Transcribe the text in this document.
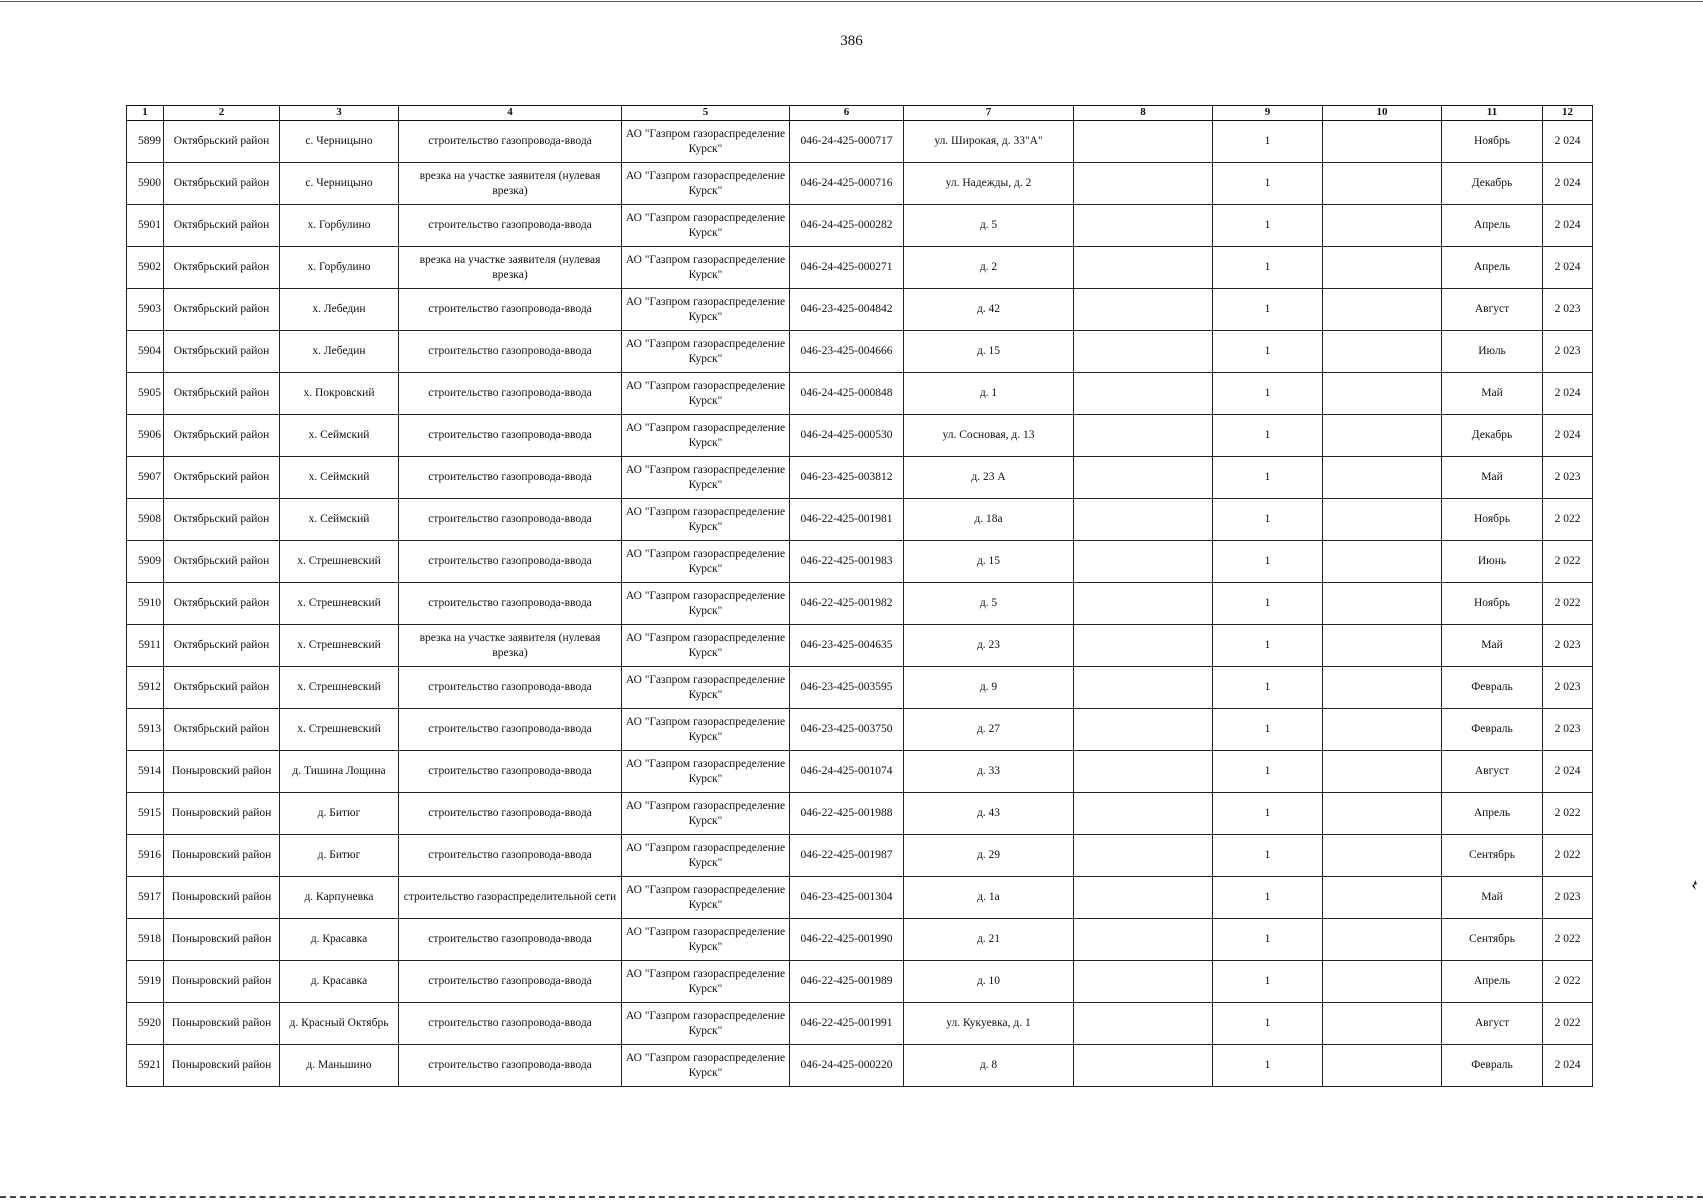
386
1	2	3	4	5	6	7	8	9	10	11	12
5899	Октябрьский район	с. Черницыно	строительство газопровода-ввода	АО "Газпром газораспределение Курск"	046-24-425-000717	ул. Широкая, д. 33"А"		1		Ноябрь	2 024
5900	Октябрьский район	с. Черницыно	врезка на участке заявителя (нулевая врезка)	АО "Газпром газораспределение Курск"	046-24-425-000716	ул. Надежды, д. 2		1		Декабрь	2 024
5901	Октябрьский район	х. Горбулино	строительство газопровода-ввода	АО "Газпром газораспределение Курск"	046-24-425-000282	д. 5		1		Апрель	2 024
5902	Октябрьский район	х. Горбулино	врезка на участке заявителя (нулевая врезка)	АО "Газпром газораспределение Курск"	046-24-425-000271	д. 2		1		Апрель	2 024
5903	Октябрьский район	х. Лебедин	строительство газопровода-ввода	АО "Газпром газораспределение Курск"	046-23-425-004842	д. 42		1		Август	2 023
5904	Октябрьский район	х. Лебедин	строительство газопровода-ввода	АО "Газпром газораспределение Курск"	046-23-425-004666	д. 15		1		Июль	2 023
5905	Октябрьский район	х. Покровский	строительство газопровода-ввода	АО "Газпром газораспределение Курск"	046-24-425-000848	д. 1		1		Май	2 024
5906	Октябрьский район	х. Сеймский	строительство газопровода-ввода	АО "Газпром газораспределение Курск"	046-24-425-000530	ул. Сосновая, д. 13		1		Декабрь	2 024
5907	Октябрьский район	х. Сеймский	строительство газопровода-ввода	АО "Газпром газораспределение Курск"	046-23-425-003812	д. 23 А		1		Май	2 023
5908	Октябрьский район	х. Сеймский	строительство газопровода-ввода	АО "Газпром газораспределение Курск"	046-22-425-001981	д. 18а		1		Ноябрь	2 022
5909	Октябрьский район	х. Стрешневский	строительство газопровода-ввода	АО "Газпром газораспределение Курск"	046-22-425-001983	д. 15		1		Июнь	2 022
5910	Октябрьский район	х. Стрешневский	строительство газопровода-ввода	АО "Газпром газораспределение Курск"	046-22-425-001982	д. 5		1		Ноябрь	2 022
5911	Октябрьский район	х. Стрешневский	врезка на участке заявителя (нулевая врезка)	АО "Газпром газораспределение Курск"	046-23-425-004635	д. 23		1		Май	2 023
5912	Октябрьский район	х. Стрешневский	строительство газопровода-ввода	АО "Газпром газораспределение Курск"	046-23-425-003595	д. 9		1		Февраль	2 023
5913	Октябрьский район	х. Стрешневский	строительство газопровода-ввода	АО "Газпром газораспределение Курск"	046-23-425-003750	д. 27		1		Февраль	2 023
5914	Поныровский район	д. Тишина Лощина	строительство газопровода-ввода	АО "Газпром газораспределение Курск"	046-24-425-001074	д. 33		1		Август	2 024
5915	Поныровский район	д. Битюг	строительство газопровода-ввода	АО "Газпром газораспределение Курск"	046-22-425-001988	д. 43		1		Апрель	2 022
5916	Поныровский район	д. Битюг	строительство газопровода-ввода	АО "Газпром газораспределение Курск"	046-22-425-001987	д. 29		1		Сентябрь	2 022
5917	Поныровский район	д. Карпуневка	строительство газораспределительной сети	АО "Газпром газораспределение Курск"	046-23-425-001304	д. 1а		1		Май	2 023
5918	Поныровский район	д. Красавка	строительство газопровода-ввода	АО "Газпром газораспределение Курск"	046-22-425-001990	д. 21		1		Сентябрь	2 022
5919	Поныровский район	д. Красавка	строительство газопровода-ввода	АО "Газпром газораспределение Курск"	046-22-425-001989	д. 10		1		Апрель	2 022
5920	Поныровский район	д. Красный Октябрь	строительство газопровода-ввода	АО "Газпром газораспределение Курск"	046-22-425-001991	ул. Кукуевка, д. 1		1		Август	2 022
5921	Поныровский район	д. Маньшино	строительство газопровода-ввода	АО "Газпром газораспределение Курск"	046-24-425-000220	д. 8		1		Февраль	2 024
